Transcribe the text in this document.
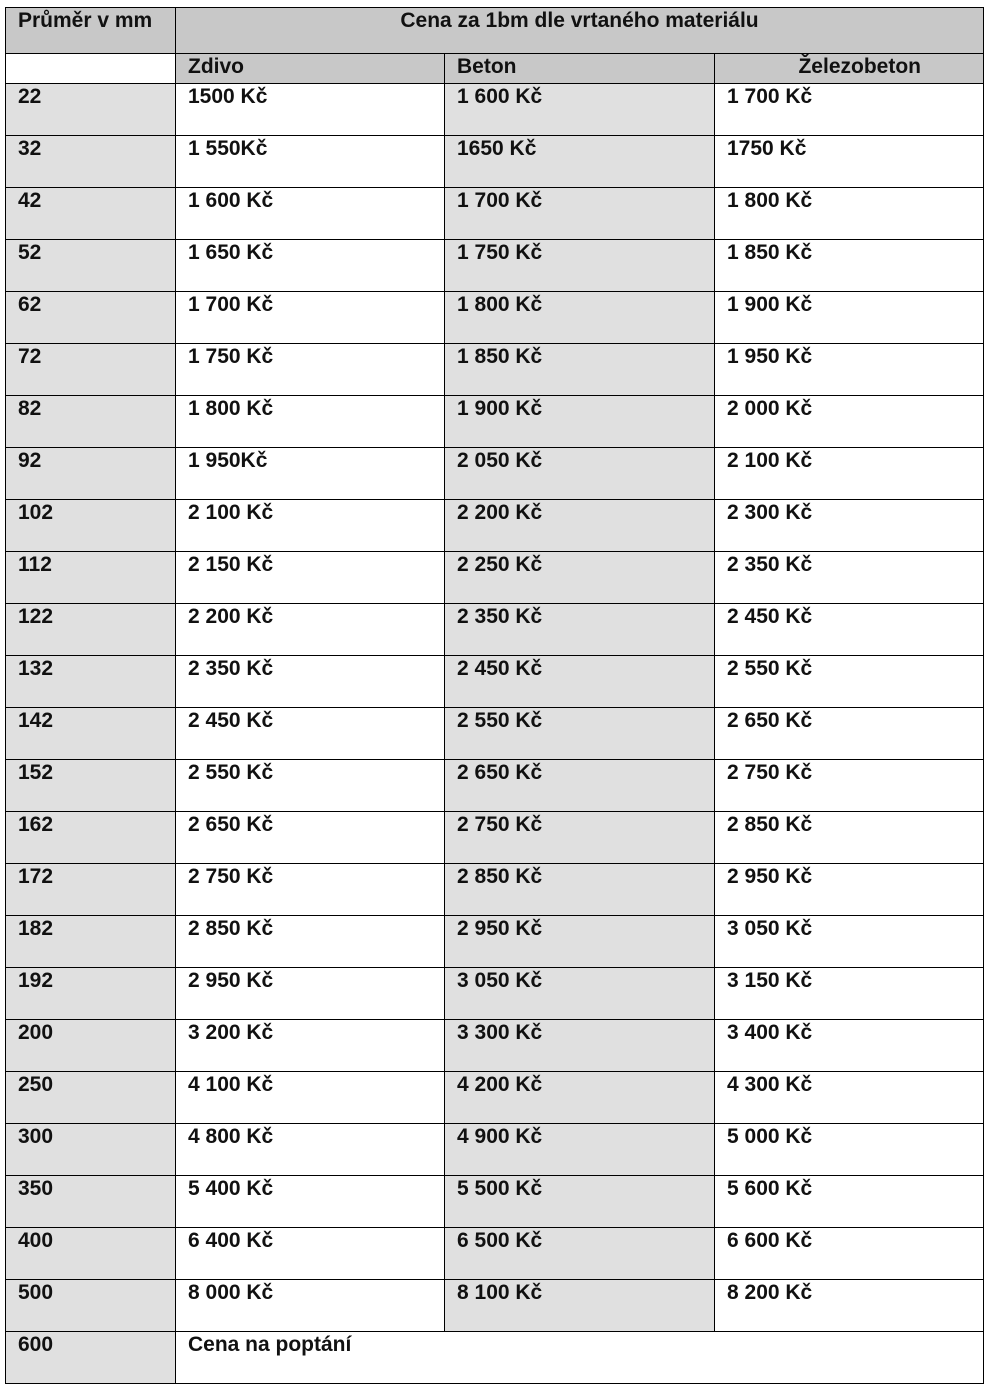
Průměr v mm	Cena za 1bm dle vrtaného materiálu		
	Zdivo	Beton	Železobeton
22	1500 Kč	1 600 Kč	1 700 Kč
32	1 550Kč	1650 Kč	1750 Kč
42	1 600 Kč	1 700 Kč	1 800 Kč
52	1 650 Kč	1 750 Kč	1 850 Kč
62	1 700 Kč	1 800 Kč	1 900 Kč
72	1 750 Kč	1 850 Kč	1 950 Kč
82	1 800 Kč	1 900 Kč	2 000 Kč
92	1 950Kč	2 050 Kč	2 100 Kč
102	2 100 Kč	2 200 Kč	2 300 Kč
112	2 150 Kč	2 250 Kč	2 350 Kč
122	2 200 Kč	2 350 Kč	2 450 Kč
132	2 350 Kč	2 450 Kč	2 550 Kč
142	2 450 Kč	2 550 Kč	2 650 Kč
152	2 550 Kč	2 650 Kč	2 750 Kč
162	2 650 Kč	2 750 Kč	2 850 Kč
172	2 750 Kč	2 850 Kč	2 950 Kč
182	2 850 Kč	2 950 Kč	3 050 Kč
192	2 950 Kč	3 050 Kč	3 150 Kč
200	3 200 Kč	3 300 Kč	3 400 Kč
250	4 100 Kč	4 200 Kč	4 300 Kč
300	4 800 Kč	4 900 Kč	5 000 Kč
350	5 400 Kč	5 500 Kč	5 600 Kč
400	6 400 Kč	6 500 Kč	6 600 Kč
500	8 000 Kč	8 100 Kč	8 200 Kč
600	Cena na poptání		
